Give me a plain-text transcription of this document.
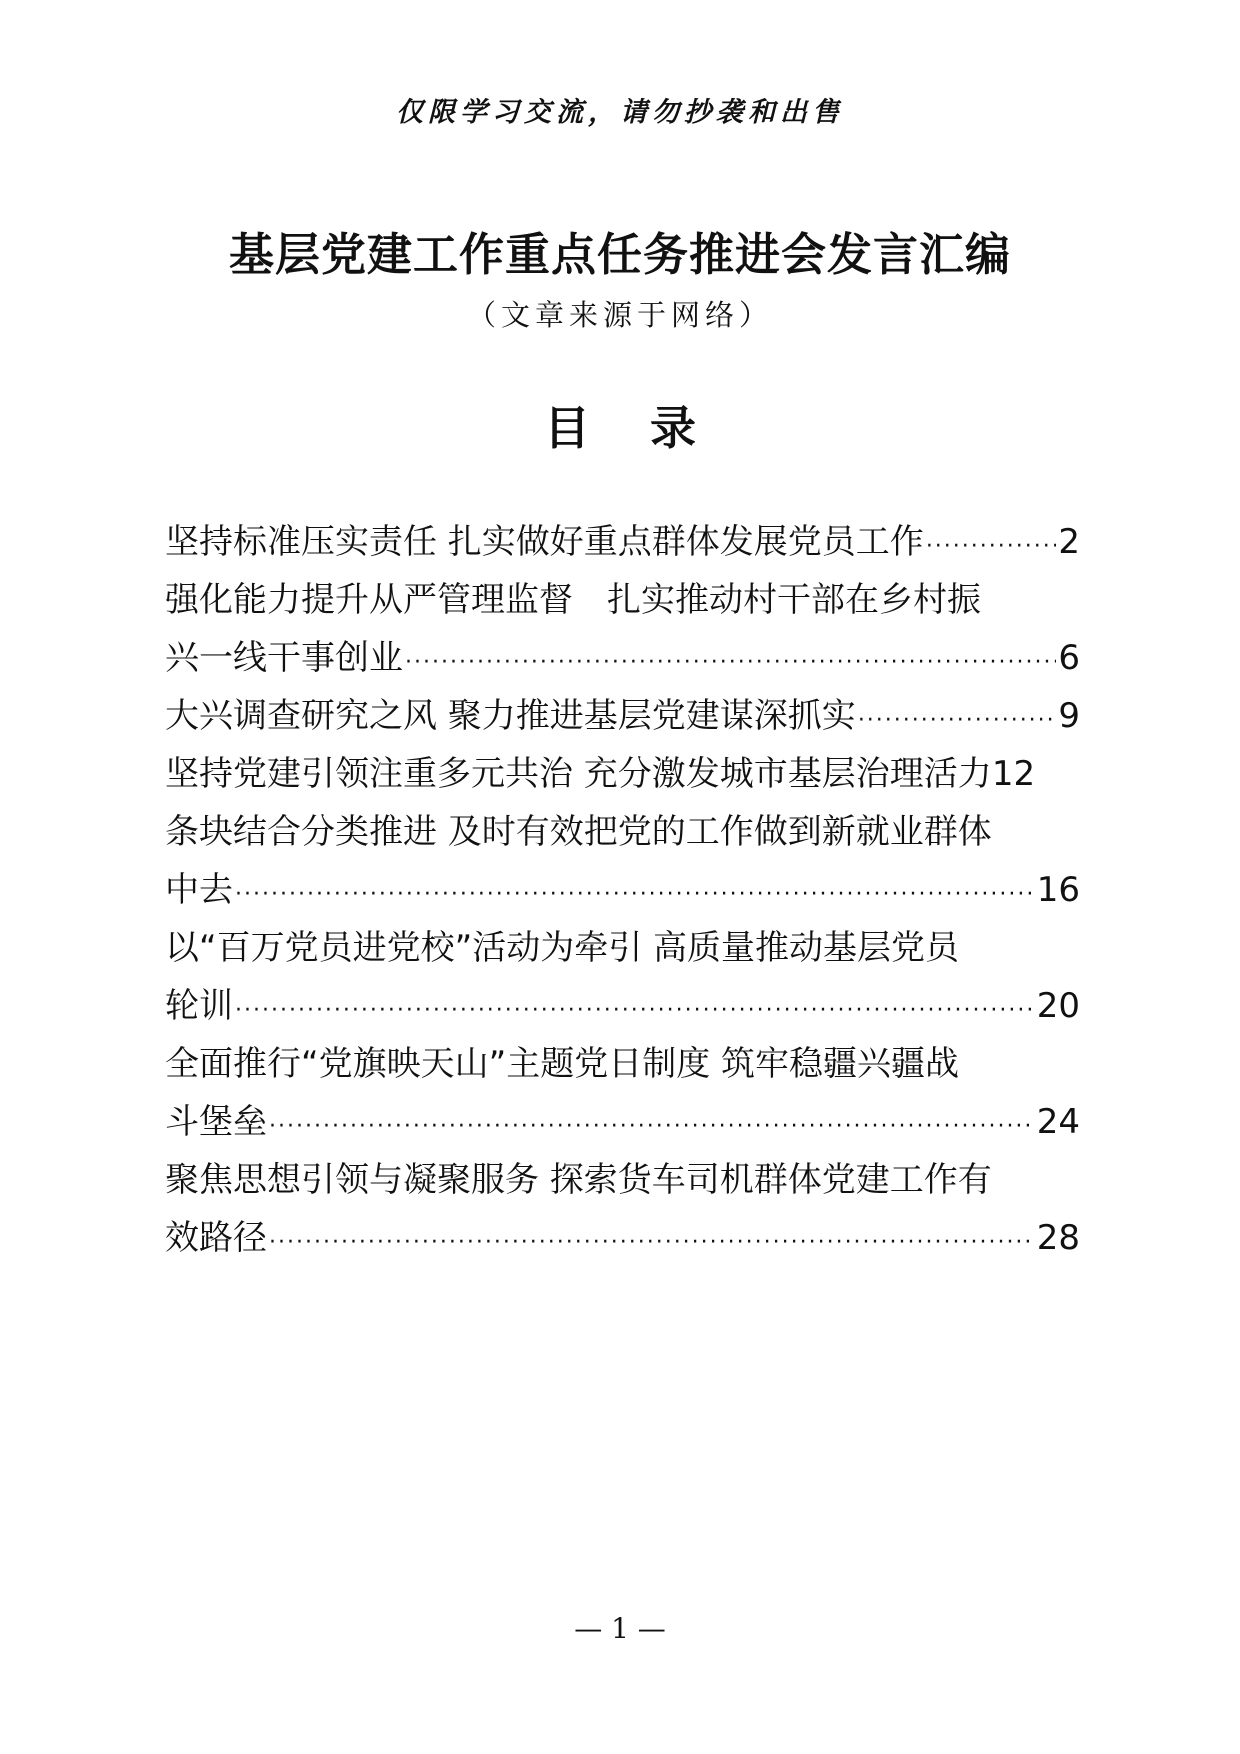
仅限学习交流，请勿抄袭和出售
基层党建工作重点任务推进会发言汇编
（文章来源于网络）
目 录
坚持标准压实责任 扎实做好重点群体发展党员工作 ·····	2
强化能力提升从严管理监督　扎实推动村干部在乡村振
兴一线干事创业 ·····	6
大兴调查研究之风 聚力推进基层党建谋深抓实 ·····	9
坚持党建引领注重多元共治 充分激发城市基层治理活力 12
条块结合分类推进 及时有效把党的工作做到新就业群体
中去 ·····	16
以“百万党员进党校”活动为牵引 高质量推动基层党员
轮训 ·····	20
全面推行“党旗映天山”主题党日制度 筑牢稳疆兴疆战
斗堡垒 ·····	24
聚焦思想引领与凝聚服务 探索货车司机群体党建工作有
效路径 ·····	28
— 1 —
